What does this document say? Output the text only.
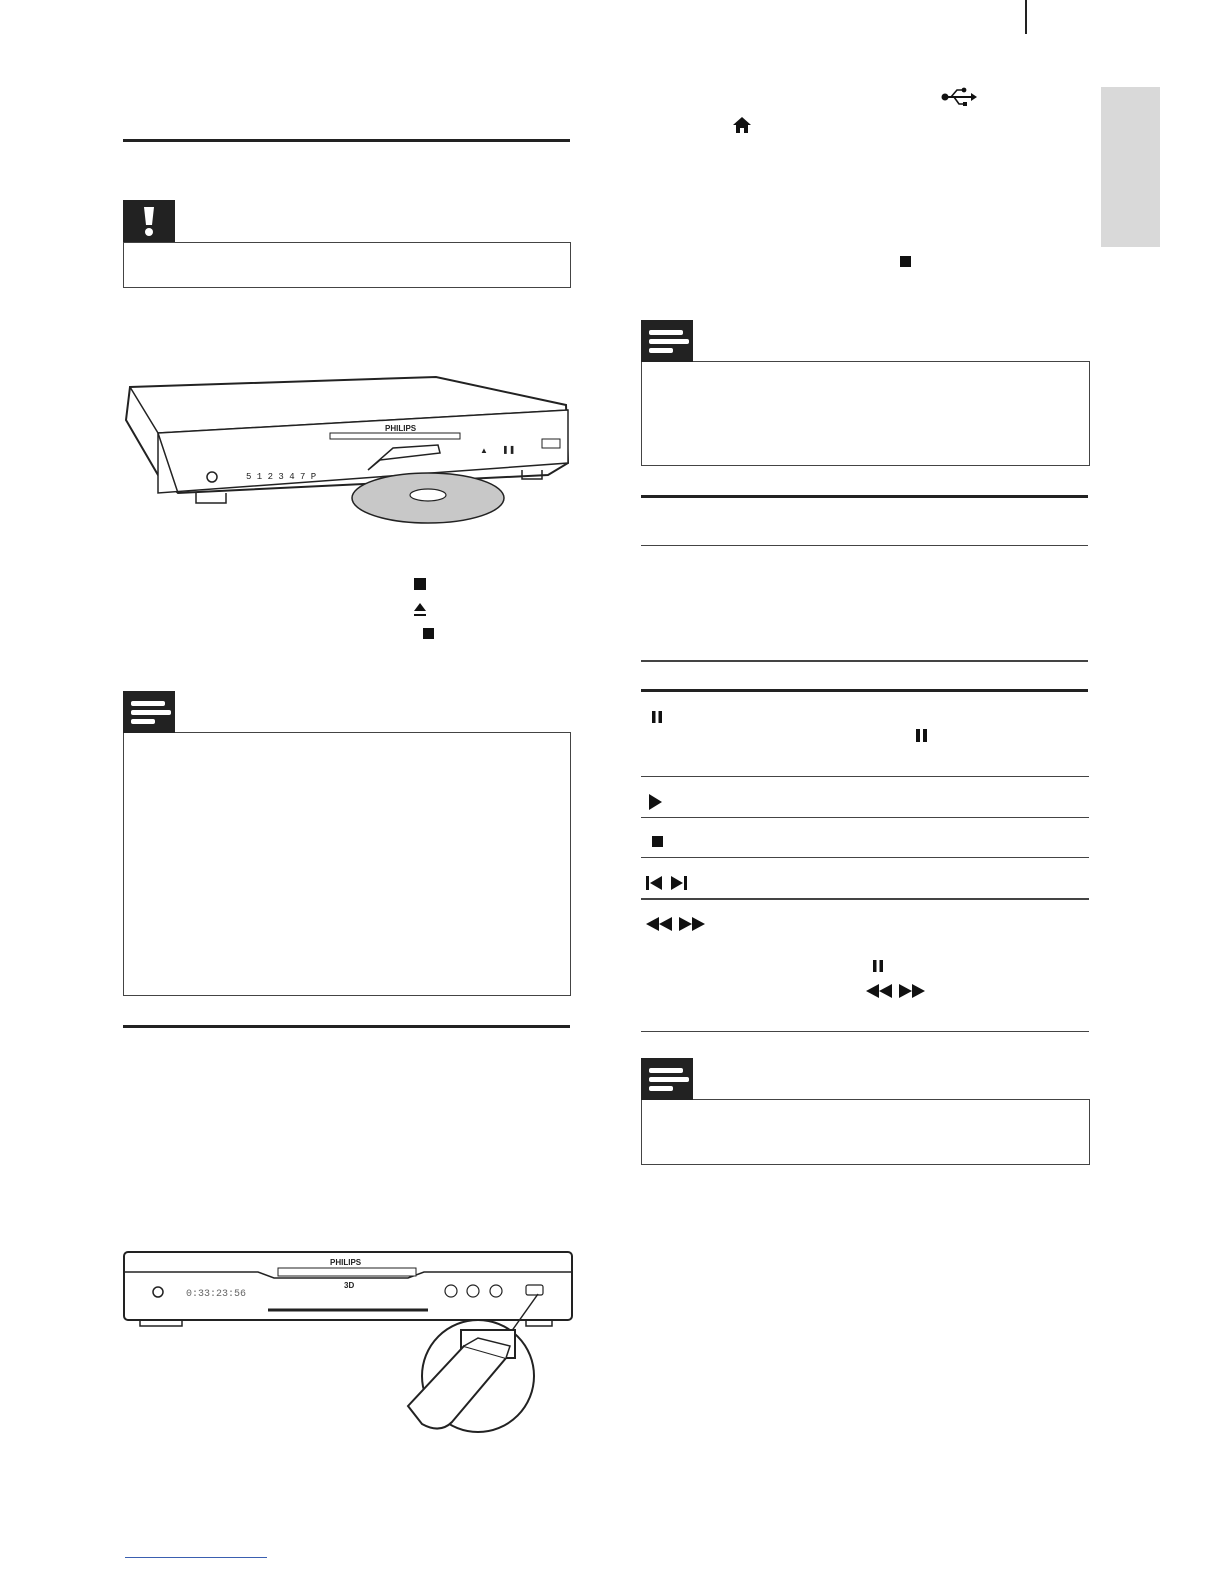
PHILIPS
5 1 2 3 4 7 P
▲ ❚❚
PHILIPS
3D
0:33:23:56
